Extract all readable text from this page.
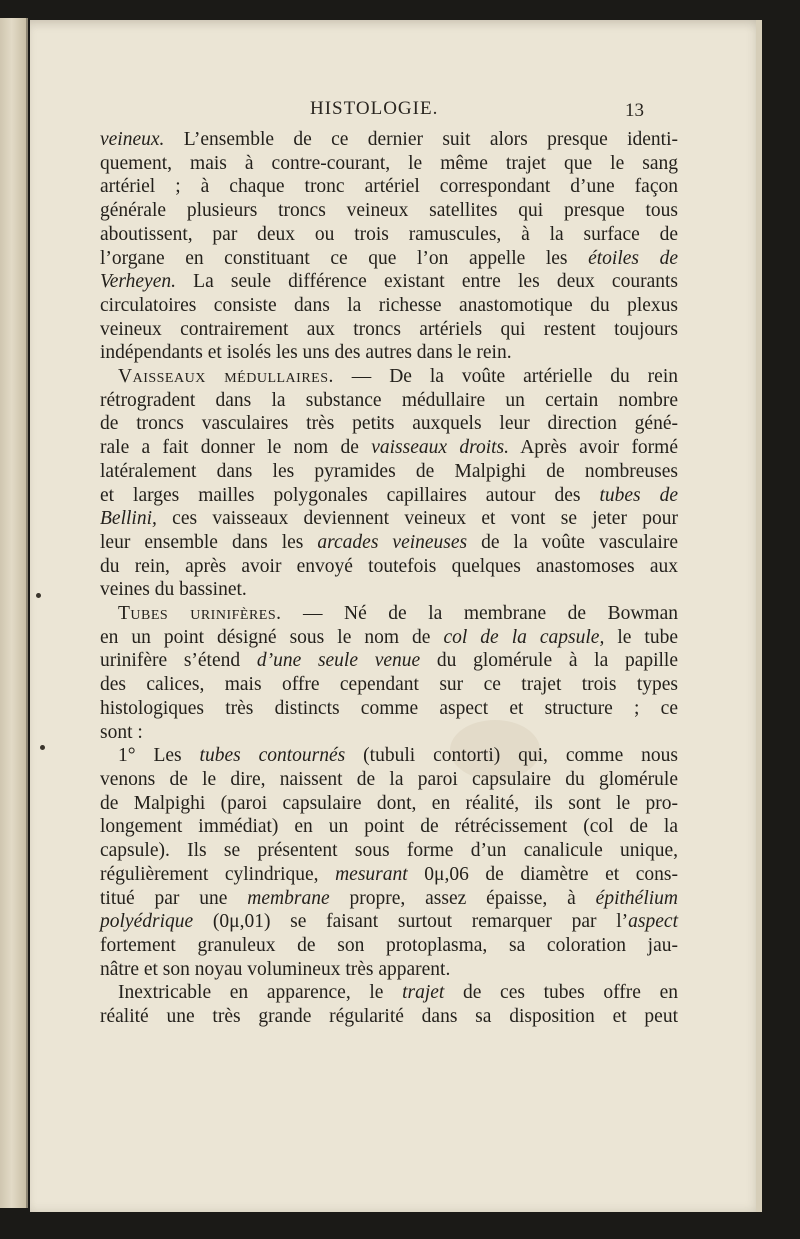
HISTOLOGIE.	13
veineux. L’ensemble de ce dernier suit alors presque identi-
quement, mais à contre-courant, le même trajet que le sang
artériel ; à chaque tronc artériel correspondant d’une façon
générale plusieurs troncs veineux satellites qui presque tous
aboutissent, par deux ou trois ramuscules, à la surface de
l’organe en constituant ce que l’on appelle les étoiles de
Verheyen. La seule différence existant entre les deux courants
circulatoires consiste dans la richesse anastomotique du plexus
veineux contrairement aux troncs artériels qui restent toujours
indépendants et isolés les uns des autres dans le rein.
Vaisseaux médullaires. — De la voûte artérielle du rein
rétrogradent dans la substance médullaire un certain nombre
de troncs vasculaires très petits auxquels leur direction géné-
rale a fait donner le nom de vaisseaux droits. Après avoir formé
latéralement dans les pyramides de Malpighi de nombreuses
et larges mailles polygonales capillaires autour des tubes de
Bellini, ces vaisseaux deviennent veineux et vont se jeter pour
leur ensemble dans les arcades veineuses de la voûte vasculaire
du rein, après avoir envoyé toutefois quelques anastomoses aux
veines du bassinet.
Tubes urinifères. — Né de la membrane de Bowman
en un point désigné sous le nom de col de la capsule, le tube
urinifère s’étend d’une seule venue du glomérule à la papille
des calices, mais offre cependant sur ce trajet trois types
histologiques très distincts comme aspect et structure ; ce
sont :
1° Les tubes contournés (tubuli contorti) qui, comme nous
venons de le dire, naissent de la paroi capsulaire du glomérule
de Malpighi (paroi capsulaire dont, en réalité, ils sont le pro-
longement immédiat) en un point de rétrécissement (col de la
capsule). Ils se présentent sous forme d’un canalicule unique,
régulièrement cylindrique, mesurant 0μ,06 de diamètre et cons-
titué par une membrane propre, assez épaisse, à épithélium
polyédrique (0μ,01) se faisant surtout remarquer par l’aspect
fortement granuleux de son protoplasma, sa coloration jau-
nâtre et son noyau volumineux très apparent.
Inextricable en apparence, le trajet de ces tubes offre en
réalité une très grande régularité dans sa disposition et peut
